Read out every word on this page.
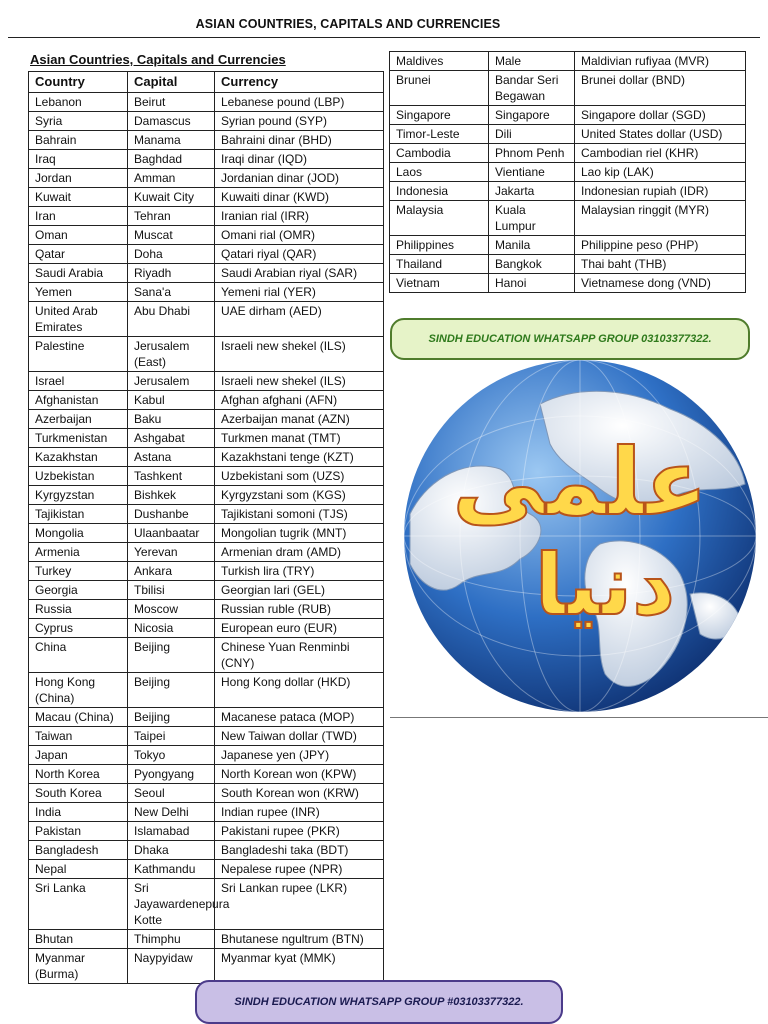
ASIAN COUNTRIES, CAPITALS AND CURRENCIES
Asian Countries, Capitals and Currencies
Country	Capital	Currency
Lebanon	Beirut	Lebanese pound (LBP)
Syria	Damascus	Syrian pound (SYP)
Bahrain	Manama	Bahraini dinar (BHD)
Iraq	Baghdad	Iraqi dinar (IQD)
Jordan	Amman	Jordanian dinar (JOD)
Kuwait	Kuwait City	Kuwaiti dinar (KWD)
Iran	Tehran	Iranian rial (IRR)
Oman	Muscat	Omani rial (OMR)
Qatar	Doha	Qatari riyal (QAR)
Saudi Arabia	Riyadh	Saudi Arabian riyal (SAR)
Yemen	Sana'a	Yemeni rial (YER)
United Arab Emirates	Abu Dhabi	UAE dirham (AED)
Palestine	Jerusalem (East)	Israeli new shekel (ILS)
Israel	Jerusalem	Israeli new shekel (ILS)
Afghanistan	Kabul	Afghan afghani (AFN)
Azerbaijan	Baku	Azerbaijan manat (AZN)
Turkmenistan	Ashgabat	Turkmen manat (TMT)
Kazakhstan	Astana	Kazakhstani tenge (KZT)
Uzbekistan	Tashkent	Uzbekistani som (UZS)
Kyrgyzstan	Bishkek	Kyrgyzstani som (KGS)
Tajikistan	Dushanbe	Tajikistani somoni (TJS)
Mongolia	Ulaanbaatar	Mongolian tugrik (MNT)
Armenia	Yerevan	Armenian dram (AMD)
Turkey	Ankara	Turkish lira (TRY)
Georgia	Tbilisi	Georgian lari (GEL)
Russia	Moscow	Russian ruble (RUB)
Cyprus	Nicosia	European euro (EUR)
China	Beijing	Chinese Yuan Renminbi (CNY)
Hong Kong (China)	Beijing	Hong Kong dollar (HKD)
Macau (China)	Beijing	Macanese pataca (MOP)
Taiwan	Taipei	New Taiwan dollar (TWD)
Japan	Tokyo	Japanese yen (JPY)
North Korea	Pyongyang	North Korean won (KPW)
South Korea	Seoul	South Korean won (KRW)
India	New Delhi	Indian rupee (INR)
Pakistan	Islamabad	Pakistani rupee (PKR)
Bangladesh	Dhaka	Bangladeshi taka (BDT)
Nepal	Kathmandu	Nepalese rupee (NPR)
Sri Lanka	Sri Jayawardenepura Kotte	Sri Lankan rupee (LKR)
Bhutan	Thimphu	Bhutanese ngultrum (BTN)
Myanmar (Burma)	Naypyidaw	Myanmar kyat (MMK)
Maldives	Male	Maldivian rufiyaa (MVR)
Brunei	Bandar Seri Begawan	Brunei dollar (BND)
Singapore	Singapore	Singapore dollar (SGD)
Timor-Leste	Dili	United States dollar (USD)
Cambodia	Phnom Penh	Cambodian riel (KHR)
Laos	Vientiane	Lao kip (LAK)
Indonesia	Jakarta	Indonesian rupiah (IDR)
Malaysia	Kuala Lumpur	Malaysian ringgit (MYR)
Philippines	Manila	Philippine peso (PHP)
Thailand	Bangkok	Thai baht (THB)
Vietnam	Hanoi	Vietnamese dong (VND)
SINDH EDUCATION WHATSAPP GROUP 03103377322.
علمی
دنیا
SINDH EDUCATION WHATSAPP GROUP #03103377322.
